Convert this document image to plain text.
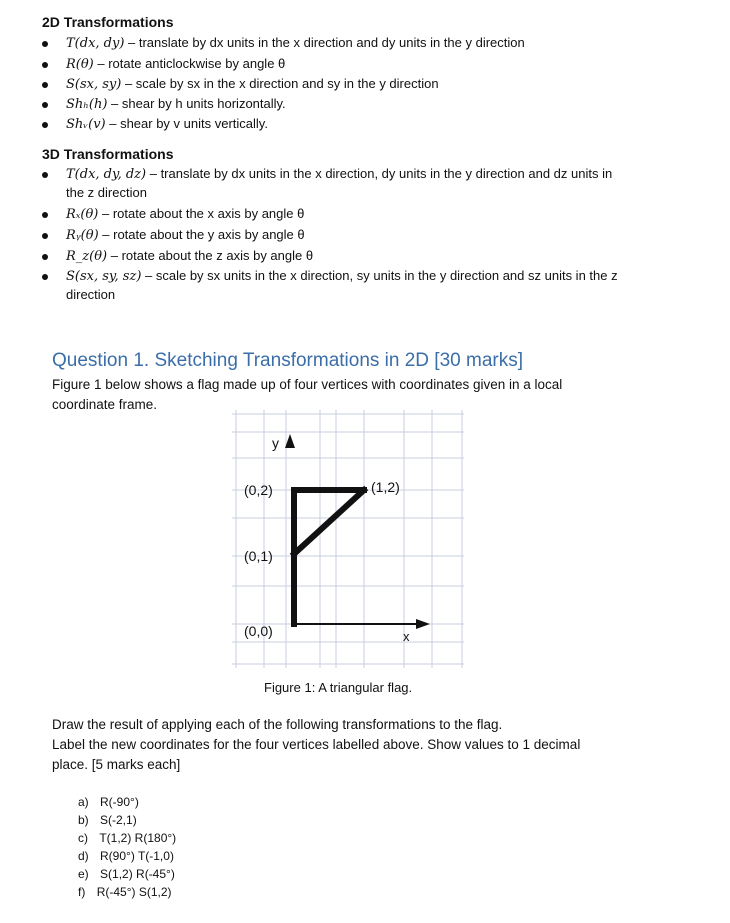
2D Transformations
T(dx, dy) – translate by dx units in the x direction and dy units in the y direction
R(θ) – rotate anticlockwise by angle θ
S(sx, sy) – scale by sx in the x direction and sy in the y direction
Shₕ(h) – shear by h units horizontally.
Shᵥ(v) – shear by v units vertically.
3D Transformations
T(dx, dy, dz) – translate by dx units in the x direction, dy units in the y direction and dz units in
the z direction
Rₓ(θ) – rotate about the x axis by angle θ
Rᵧ(θ) – rotate about the y axis by angle θ
R_z(θ) – rotate about the z axis by angle θ
S(sx, sy, sz) – scale by sx units in the x direction, sy units in the y direction and sz units in the z
direction
Question 1. Sketching Transformations in 2D [30 marks]
Figure 1 below shows a flag made up of four vertices with coordinates given in a local
coordinate frame.
y
x
(0,2)	(1,2)
(0,1)
(0,0)
Figure 1: A triangular flag.
Draw the result of applying each of the following transformations to the flag.
Label the new coordinates for the four vertices labelled above. Show values to 1 decimal
place. [5 marks each]
a) R(-90°)
b) S(-2,1)
c) T(1,2) R(180°)
d) R(90°) T(-1,0)
e) S(1,2) R(-45°)
f) R(-45°) S(1,2)
